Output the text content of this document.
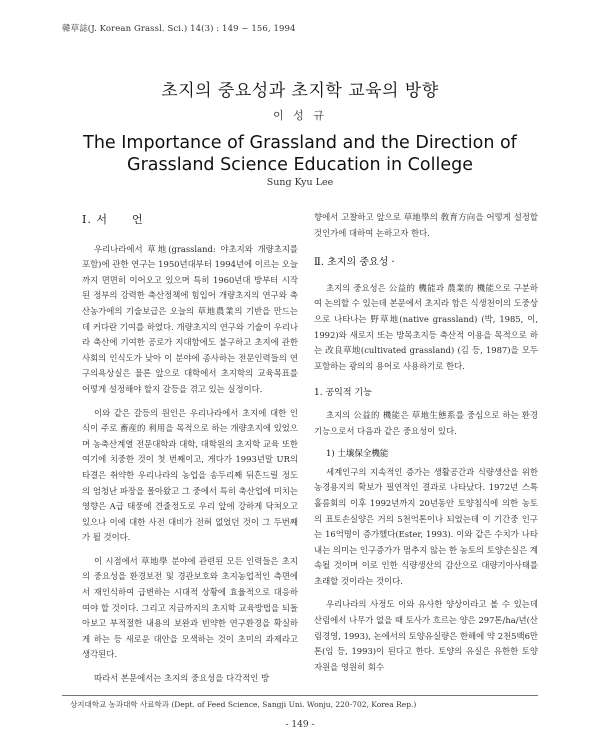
韓草誌(J. Korean Grassl. Sci.) 14(3) : 149 ~ 156, 1994
초지의 중요성과 초지학 교육의 방향
이 성 규
The Importance of Grassland and the Direction of
Grassland Science Education in College
Sung Kyu Lee
I. 서　　언

우리나라에서 草地(grassland: 야초지와 개량초지를 포함)에 관한 연구는 1950년대부터 1994년에 이르는 오늘까지 면면히 이어오고 있으며 특히 1960년대 방부터 시작된 정부의 강력한 축산정책에 힘입어 개량초지의 연구와 축산농가에의 기술보급은 오늘의 草地農業의 기반을 만드는데 커다란 기여를 하였다. 개량초지의 연구와 기술이 우리나라 축산에 기여한 공로가 지대함에도 불구하고 초지에 관한 사회의 인식도가 낮아 이 분야에 종사하는 전문인력들의 연구의욕상실은 물론 앞으로 대학에서 초지학의 교육목표를 어떻게 설정해야 할지 갈등을 겪고 있는 실정이다.

이와 같은 갈등의 원인은 우리나라에서 초지에 대한 인식이 주로 畜産的 利用을 목적으로 하는 개량초지에 있었으며 농축산계열 전문대학과 대학, 대학원의 초지학 교육 또한 여기에 치중한 것이 첫 번째이고, 게다가 1993년말 UR의 타결은 취약한 우리나라의 농업을 송두리째 뒤흔드릴 정도의 엄청난 파장을 몰아왔고 그 중에서 특히 축산업에 미치는 영향은 A급 태풍에 견줄정도로 우리 앞에 강하게 닥쳐오고 있으나 이에 대한 사전 대비가 전혀 없었던 것이 그 두번째가 될 것이다.

이 시점에서 草地學 분야에 관련된 모든 인력들은 초지의 중요성을 환경보전 및 경관보호와 초지농업적인 측면에서 재인식하여 급변하는 시대적 상황에 효율적으로 대응하여야 할 것이다. 그리고 지금까지의 초지학 교육방법을 되돌아보고 부적절한 내용의 보완과 빈약한 연구환경을 확실하게 하는 등 새로운 대안을 모색하는 것이 초미의 과제라고 생각된다.

따라서 본문에서는 초지의 중요성을 다각적인 방

향에서 고찰하고 앞으로 草地學의 敎育方向을 어떻게 설정할 것인가에 대하여 논하고자 한다.

Ⅱ. 초지의 중요성 ·

초지의 중요성은 公益的 機能과 農業的 機能으로 구분하여 논의할 수 있는데 본문에서 초지라 함은 식생천이의 도중상으로 나타나는 野草地(native grassland) (박, 1985, 이, 1992)와 새로지 또는 방목초지등 축산적 이용을 목적으로 하는 改良草地(cultivated grassland) (김 등, 1987)을 모두 포함하는 광의의 용어로 사용하기로 한다.

1. 공익적 기능

초지의 公益的 機能은 草地生態系를 중심으로 하는 환경기능으로서 다음과 같은 중요성이 있다.

1) 土壤保全機能

세계인구의 지속적인 증가는 생활공간과 식량생산을 위한 농경용지의 확보가 필연적인 결과로 나타났다. 1972년 스톡홀름회의 이후 1992년까지 20년동안 토양침식에 의한 농토의 표토손실양은 거의 5천억톤이나 되었는데 이 기간중 인구는 16억명이 증가했다(Ester, 1993). 이와 같은 수치가 나타내는 의미는 인구증가가 멈추지 않는 한 농토의 토양손실은 계속될 것이며 이로 인한 식량생산의 감산으로 대량기아사태를 초래할 것이라는 것이다.

우리나라의 사정도 이와 유사한 양상이라고 볼 수 있는데 산림에서 나무가 없을 때 토사가 흐르는 양은 297톤/ha/년(산림경영, 1993), 논에서의 토양유실량은 한해에 약 2천5백6만톤(임 등, 1993)이 된다고 한다. 토양의 유실은 유한한 토양자원을 영원히 회수

상지대학교 농과대학 사료학과 (Dept. of Feed Science, Sangji Uni. Wonju, 220-702, Korea Rep.)
- 149 -
